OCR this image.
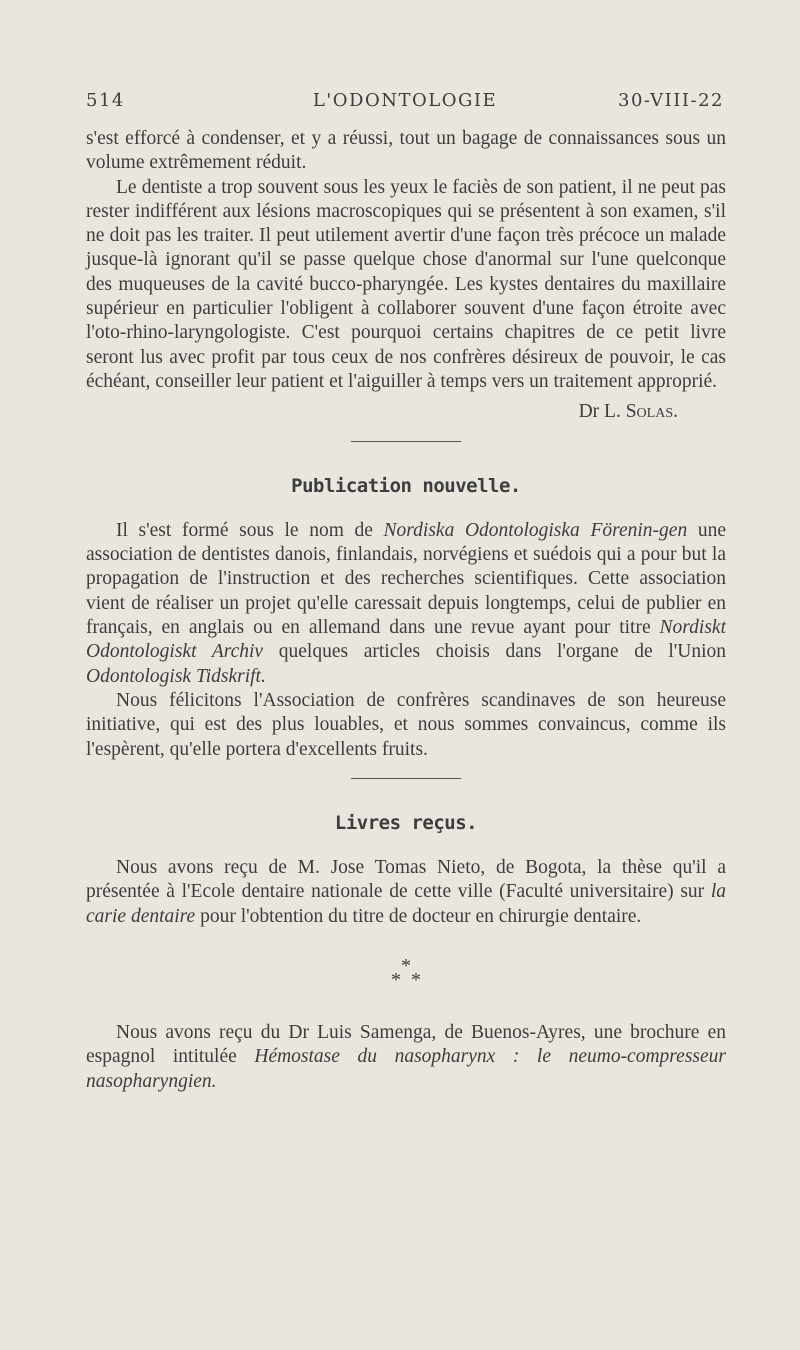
514	L'ODONTOLOGIE	30-VIII-22

s'est efforcé à condenser, et y a réussi, tout un bagage de connaissances sous un volume extrêmement réduit.

Le dentiste a trop souvent sous les yeux le faciès de son patient, il ne peut pas rester indifférent aux lésions macroscopiques qui se présentent à son examen, s'il ne doit pas les traiter. Il peut utilement avertir d'une façon très précoce un malade jusque-là ignorant qu'il se passe quelque chose d'anormal sur l'une quelconque des muqueuses de la cavité bucco-pharyngée. Les kystes dentaires du maxillaire supérieur en particulier l'obligent à collaborer souvent d'une façon étroite avec l'oto-rhino-laryngologiste. C'est pourquoi certains chapitres de ce petit livre seront lus avec profit par tous ceux de nos confrères désireux de pouvoir, le cas échéant, conseiller leur patient et l'aiguiller à temps vers un traitement approprié.

Dr L. Solas.
Publication nouvelle.

Il s'est formé sous le nom de Nordiska Odontologiska Förenin-gen une association de dentistes danois, finlandais, norvégiens et suédois qui a pour but la propagation de l'instruction et des recherches scientifiques. Cette association vient de réaliser un projet qu'elle caressait depuis longtemps, celui de publier en français, en anglais ou en allemand dans une revue ayant pour titre Nordiskt Odontologiskt Archiv quelques articles choisis dans l'organe de l'Union Odontologisk Tidskrift.

Nous félicitons l'Association de confrères scandinaves de son heureuse initiative, qui est des plus louables, et nous sommes convaincus, comme ils l'espèrent, qu'elle portera d'excellents fruits.

Livres reçus.

Nous avons reçu de M. Jose Tomas Nieto, de Bogota, la thèse qu'il a présentée à l'Ecole dentaire nationale de cette ville (Faculté universitaire) sur la carie dentaire pour l'obtention du titre de docteur en chirurgie dentaire.

*
* *

Nous avons reçu du Dr Luis Samenga, de Buenos-Ayres, une brochure en espagnol intitulée Hémostase du nasopharynx : le neumo-compresseur nasopharyngien.
